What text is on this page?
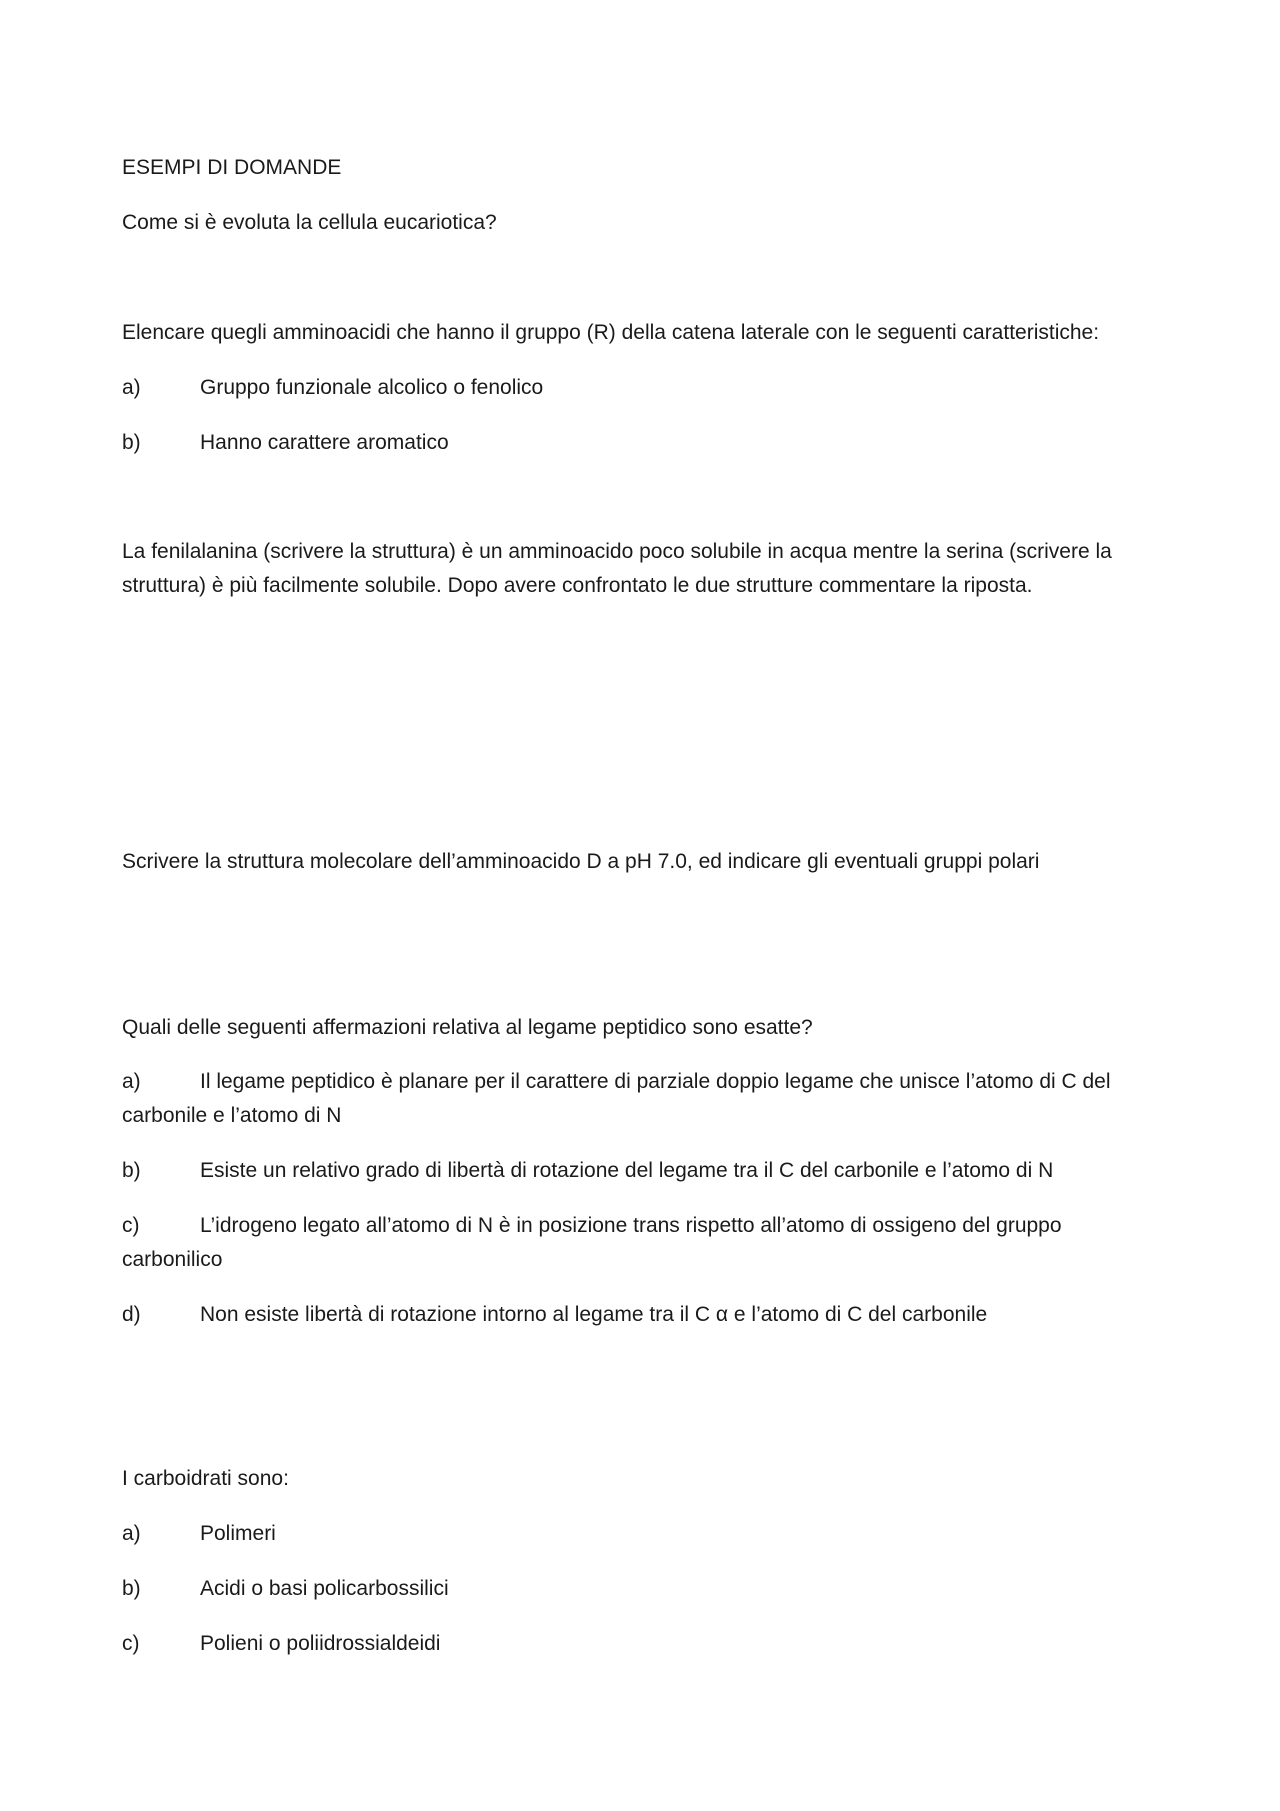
ESEMPI DI DOMANDE

Come si è evoluta la cellula eucariotica?

Elencare quegli amminoacidi che hanno il gruppo (R) della catena laterale con le seguenti caratteristiche:

a)	Gruppo funzionale alcolico o fenolico

b)	Hanno carattere aromatico

La fenilalanina (scrivere la struttura) è un amminoacido poco solubile in acqua mentre la serina (scrivere la

struttura) è più facilmente solubile. Dopo avere confrontato le due strutture commentare la riposta.

Scrivere la struttura molecolare dell’amminoacido D a pH 7.0, ed indicare gli eventuali gruppi polari

Quali delle seguenti affermazioni relativa al legame peptidico sono esatte?

a)	Il legame peptidico è planare per il carattere di parziale doppio legame che unisce l’atomo di C del

carbonile e l’atomo di N

b)	Esiste un relativo grado di libertà di rotazione del legame tra il C del carbonile e l’atomo di N

c)	L’idrogeno legato all’atomo di N è in posizione trans rispetto all’atomo di ossigeno del gruppo

carbonilico

d)	Non esiste libertà di rotazione intorno al legame tra il C α e l’atomo di C del carbonile

I carboidrati sono:

a)	Polimeri

b)	Acidi o basi policarbossilici

c)	Polieni o poliidrossialdeidi
